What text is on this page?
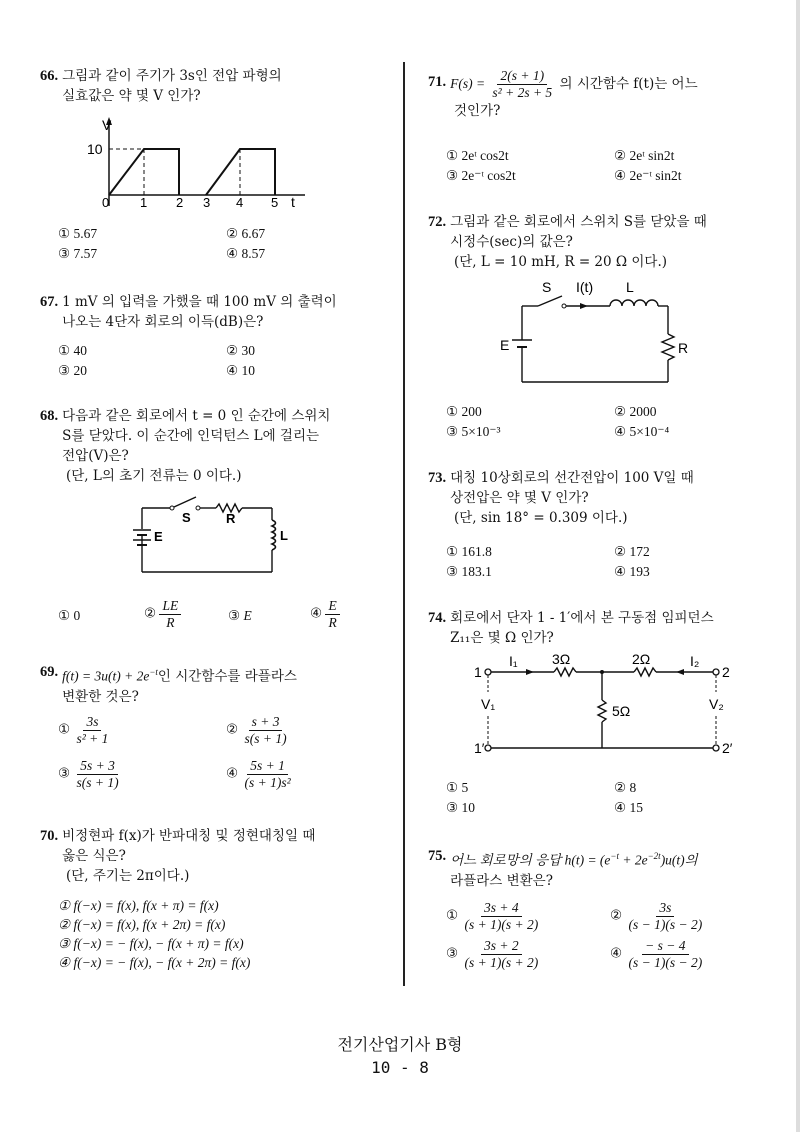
66. 그림과 같이 주기가 3s인 전압 파형의
실효값은 약 몇 V 인가?
V
10
0 1 2 3 4 5 t
① 5.67	② 6.67
③ 7.57	④ 8.57
67. 1 mV 의 입력을 가했을 때 100 mV 의 출력이
나오는 4단자 회로의 이득(dB)은?
① 40	② 30
③ 20	④ 10
68. 다음과 같은 회로에서 t = 0 인 순간에 스위치
S를 닫았다. 이 순간에 인덕턴스 L에 걸리는
전압(V)은?
(단, L의 초기 전류는 0 이다.)
S	R
E	L
① 0	② $\frac{LE}{R}$	③ E	④ $\frac{E}{R}$
69. $f(t) = 3u(t) + 2e^{-t}$인 시간함수를 라플라스
변환한 것은?
① $\frac{3s}{\text{s² + 1}}$	② $\frac{s + 3}{s(s + 1)}$
③ $\frac{5s + 3}{s(s + 1)}$	④ $\frac{5s + 1}{\text{(s + 1)s²}}$
70. 비정현파 f(x)가 반파대칭 및 정현대칭일 때
옳은 식은?
(단, 주기는 2π이다.)
① f(−x) = f(x), f(x + π) = f(x)
② f(−x) = f(x), f(x + 2π) = f(x)
③ f(−x) = − f(x), − f(x + π) = f(x)
④ f(−x) = − f(x), − f(x + 2π) = f(x)
71. $F(s) = \frac{2(s + 1)}{\text{s² + 2s + 5}}$ 의 시간함수 f(t)는 어느
것인가?
① 2eᵗ cos2t	② 2eᵗ sin2t
③ 2e⁻ᵗ cos2t	④ 2e⁻ᵗ sin2t
72. 그림과 같은 회로에서 스위치 S를 닫았을 때
시정수(sec)의 값은?
(단, L = 10 mH, R = 20 Ω 이다.)
S I(t) L
E	R
① 200	② 2000
③ 5×10⁻³	④ 5×10⁻⁴
73. 대칭 10상회로의 선간전압이 100 V일 때
상전압은 약 몇 V 인가?
(단, sin 18° = 0.309 이다.)
① 161.8	② 172
③ 183.1	④ 193
74. 회로에서 단자 1 - 1′에서 본 구동점 임피던스
Z₁₁은 몇 Ω 인가?
1
1′
2
2′
I₁	I₂
3Ω	2Ω
5Ω
V₁	V₂
① 5	② 8
③ 10	④ 15
75. 어느 회로망의 응답 $h(t) = (e^{-t} + 2e^{-2t})u(t)$의
라플라스 변환은?
① $\frac{3s + 4}{(s + 1)(s + 2)}$	② $\frac{3s}{(s - 1)(s - 2)}$
③ $\frac{3s + 2}{(s + 1)(s + 2)}$	④ $\frac{- s - 4}{(s - 1)(s - 2)}$
전기산업기사 B형
10 - 8
